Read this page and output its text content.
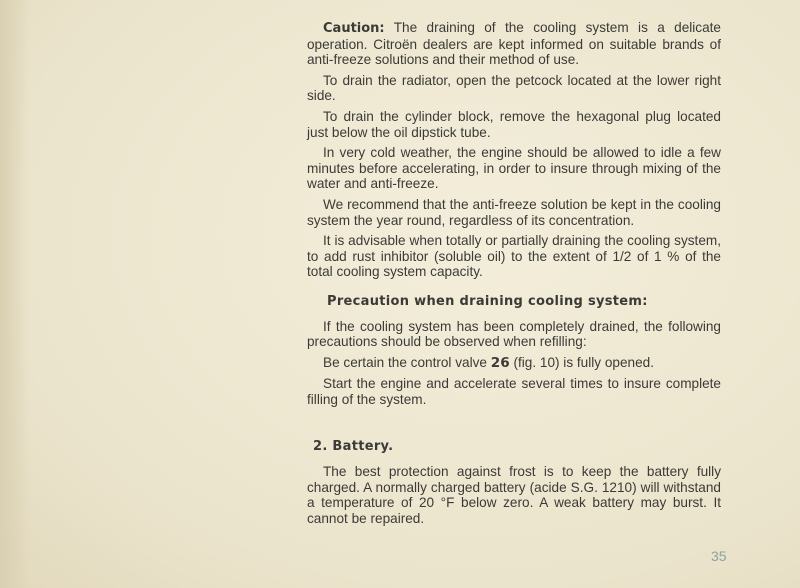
Caution: The draining of the cooling system is a delicate operation. Citroën dealers are kept informed on suitable brands of anti-freeze solutions and their method of use.

To drain the radiator, open the petcock located at the lower right side.

To drain the cylinder block, remove the hexagonal plug located just below the oil dipstick tube.

In very cold weather, the engine should be allowed to idle a few minutes before accelerating, in order to insure through mixing of the water and anti-freeze.

We recommend that the anti-freeze solution be kept in the cooling system the year round, regardless of its concentration.

It is advisable when totally or partially draining the cooling system, to add rust inhibitor (soluble oil) to the extent of 1/2 of 1 % of the total cooling system capacity.

Precaution when draining cooling system:

If the cooling system has been completely drained, the following precautions should be observed when refilling:

Be certain the control valve 26 (fig. 10) is fully opened.

Start the engine and accelerate several times to insure complete filling of the system.

2. Battery.

The best protection against frost is to keep the battery fully charged. A normally charged battery (acide S.G. 1210) will withstand a temperature of 20 °F below zero. A weak battery may burst. It cannot be repaired.

35
